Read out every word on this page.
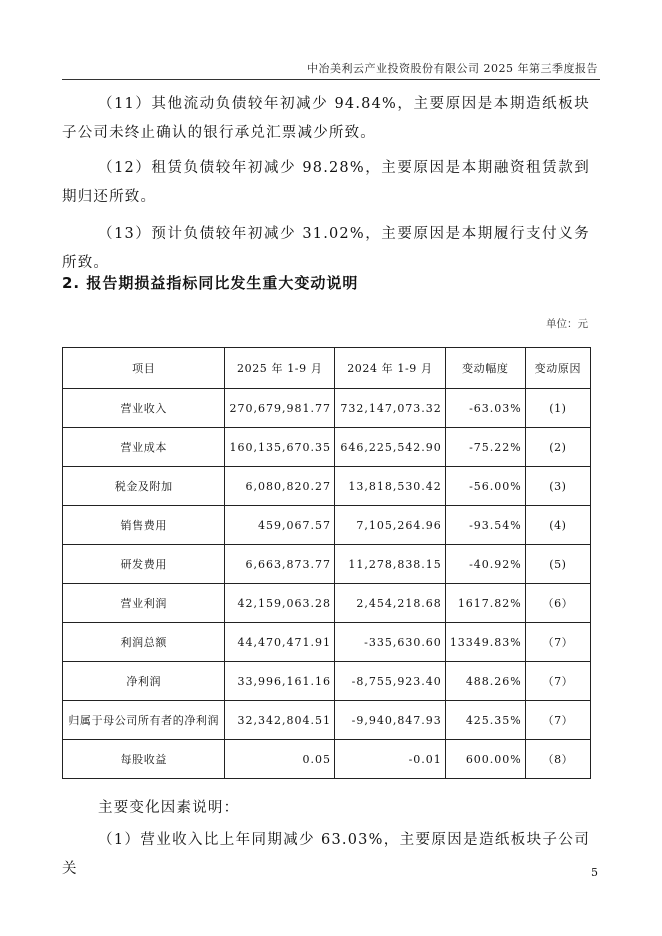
中冶美利云产业投资股份有限公司 2025 年第三季度报告

（11）其他流动负债较年初减少 94.84%，主要原因是本期造纸板块子公司未终止确认的银行承兑汇票减少所致。

（12）租赁负债较年初减少 98.28%，主要原因是本期融资租赁款到期归还所致。

（13）预计负债较年初减少 31.02%，主要原因是本期履行支付义务所致。

2. 报告期损益指标同比发生重大变动说明
单位：元
项目	2025 年 1-9 月	2024 年 1-9 月	变动幅度	变动原因
营业收入	270,679,981.77	732,147,073.32	-63.03%	(1)
营业成本	160,135,670.35	646,225,542.90	-75.22%	(2)
税金及附加	6,080,820.27	13,818,530.42	-56.00%	(3)
销售费用	459,067.57	7,105,264.96	-93.54%	(4)
研发费用	6,663,873.77	11,278,838.15	-40.92%	(5)
营业利润	42,159,063.28	2,454,218.68	1617.82%	（6）
利润总额	44,470,471.91	-335,630.60	13349.83%	（7）
净利润	33,996,161.16	-8,755,923.40	488.26%	（7）
归属于母公司所有者的净利润	32,342,804.51	-9,940,847.93	425.35%	（7）
每股收益	0.05	-0.01	600.00%	（8）

主要变化因素说明：

（1）营业收入比上年同期减少 63.03%，主要原因是造纸板块子公司关	5
